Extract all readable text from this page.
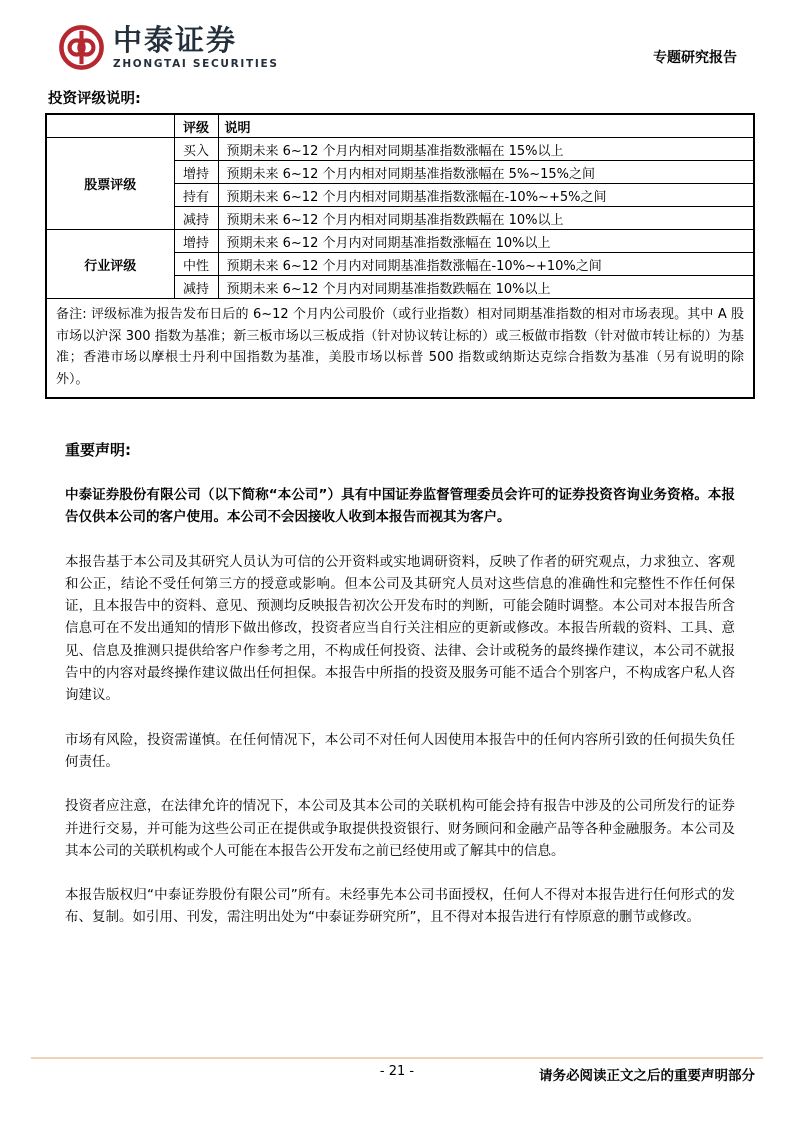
中泰证券
ZHONGTAI SECURITIES	专题研究报告
投资评级说明:
	评级	说明
股票评级	买入	预期未来 6~12 个月内相对同期基准指数涨幅在 15%以上
	增持	预期未来 6~12 个月内相对同期基准指数涨幅在 5%~15%之间
	持有	预期未来 6~12 个月内相对同期基准指数涨幅在-10%~+5%之间
	减持	预期未来 6~12 个月内相对同期基准指数跌幅在 10%以上
行业评级	增持	预期未来 6~12 个月内对同期基准指数涨幅在 10%以上
	中性	预期未来 6~12 个月内对同期基准指数涨幅在-10%~+10%之间
	减持	预期未来 6~12 个月内对同期基准指数跌幅在 10%以上
备注: 评级标准为报告发布日后的 6~12 个月内公司股价（或行业指数）相对同期基准指数的相对市场表现。其中 A 股市场以沪深 300 指数为基准；新三板市场以三板成指（针对协议转让标的）或三板做市指数（针对做市转让标的）为基准；香港市场以摩根士丹利中国指数为基准，美股市场以标普 500 指数或纳斯达克综合指数为基准（另有说明的除外）。		
重要声明:

中泰证券股份有限公司（以下简称“本公司”）具有中国证券监督管理委员会许可的证券投资咨询业务资格。本报告仅供本公司的客户使用。本公司不会因接收人收到本报告而视其为客户。

本报告基于本公司及其研究人员认为可信的公开资料或实地调研资料，反映了作者的研究观点，力求独立、客观和公正，结论不受任何第三方的授意或影响。但本公司及其研究人员对这些信息的准确性和完整性不作任何保证，且本报告中的资料、意见、预测均反映报告初次公开发布时的判断，可能会随时调整。本公司对本报告所含信息可在不发出通知的情形下做出修改，投资者应当自行关注相应的更新或修改。本报告所载的资料、工具、意见、信息及推测只提供给客户作参考之用，不构成任何投资、法律、会计或税务的最终操作建议，本公司不就报告中的内容对最终操作建议做出任何担保。本报告中所指的投资及服务可能不适合个别客户，不构成客户私人咨询建议。

市场有风险，投资需谨慎。在任何情况下，本公司不对任何人因使用本报告中的任何内容所引致的任何损失负任何责任。

投资者应注意，在法律允许的情况下，本公司及其本公司的关联机构可能会持有报告中涉及的公司所发行的证券并进行交易，并可能为这些公司正在提供或争取提供投资银行、财务顾问和金融产品等各种金融服务。本公司及其本公司的关联机构或个人可能在本报告公开发布之前已经使用或了解其中的信息。

本报告版权归“中泰证券股份有限公司”所有。未经事先本公司书面授权，任何人不得对本报告进行任何形式的发布、复制。如引用、刊发，需注明出处为“中泰证券研究所”，且不得对本报告进行有悖原意的删节或修改。

- 21 -	请务必阅读正文之后的重要声明部分
